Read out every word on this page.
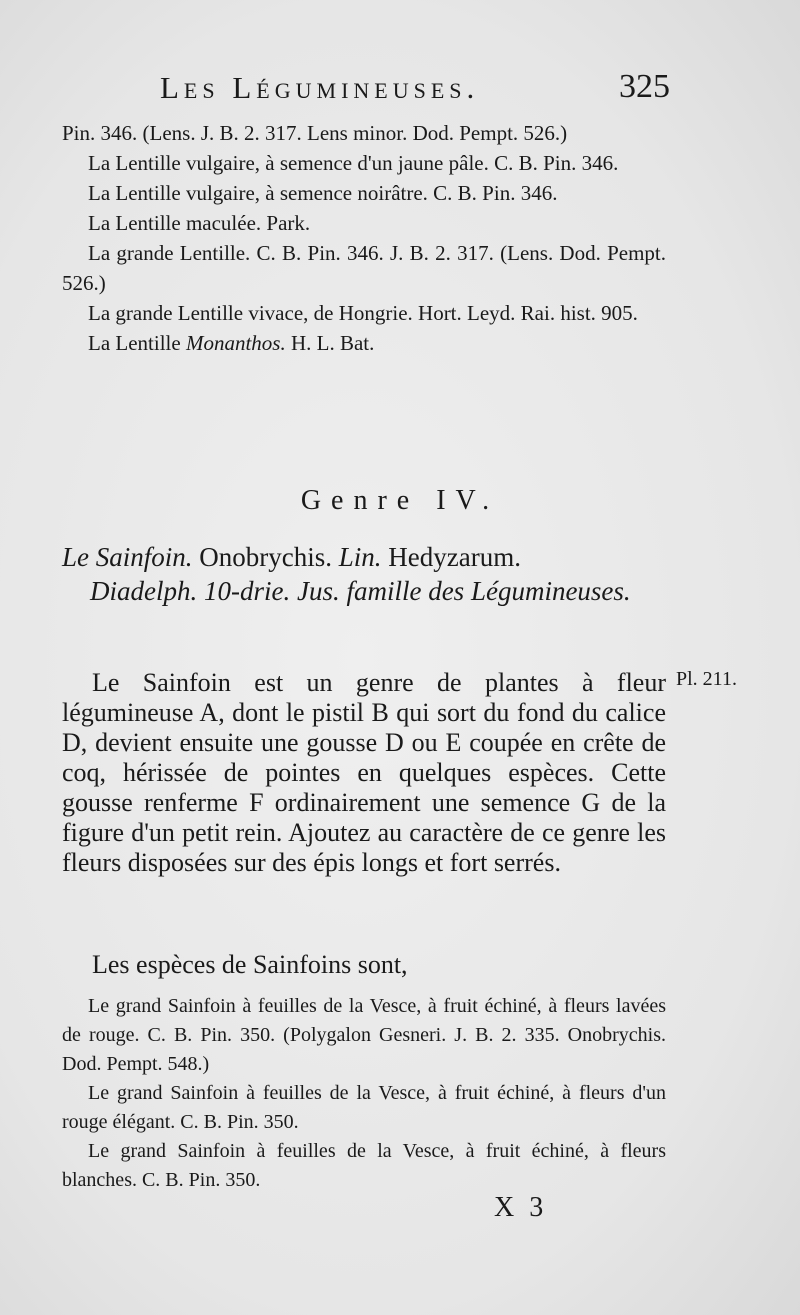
Les Légumineuses.	325

Pin. 346. (Lens. J. B. 2. 317. Lens minor. Dod. Pempt. 526.)

La Lentille vulgaire, à semence d'un jaune pâle. C. B. Pin. 346.

La Lentille vulgaire, à semence noirâtre. C. B. Pin. 346.

La Lentille maculée. Park.

La grande Lentille. C. B. Pin. 346. J. B. 2. 317. (Lens. Dod. Pempt. 526.)

La grande Lentille vivace, de Hongrie. Hort. Leyd. Rai. hist. 905.

La Lentille Monanthos. H. L. Bat.

Genre IV.

Le Sainfoin. Onobrychis. Lin. Hedyzarum.

Diadelph. 10-drie. Jus. famille des Légumineuses.

Le Sainfoin est un genre de plantes à fleur légumineuse A, dont le pistil B qui sort du fond du calice D, devient ensuite une gousse D ou E coupée en crête de coq, hérissée de pointes en quelques espèces. Cette gousse renferme F ordinairement une semence G de la figure d'un petit rein. Ajoutez au caractère de ce genre les fleurs disposées sur des épis longs et fort serrés.

Pl. 211.
Les espèces de Sainfoins sont,

Le grand Sainfoin à feuilles de la Vesce, à fruit échiné, à fleurs lavées de rouge. C. B. Pin. 350. (Polygalon Gesneri. J. B. 2. 335. Onobrychis. Dod. Pempt. 548.)

Le grand Sainfoin à feuilles de la Vesce, à fruit échiné, à fleurs d'un rouge élégant. C. B. Pin. 350.

Le grand Sainfoin à feuilles de la Vesce, à fruit échiné, à fleurs blanches. C. B. Pin. 350.

X 3
